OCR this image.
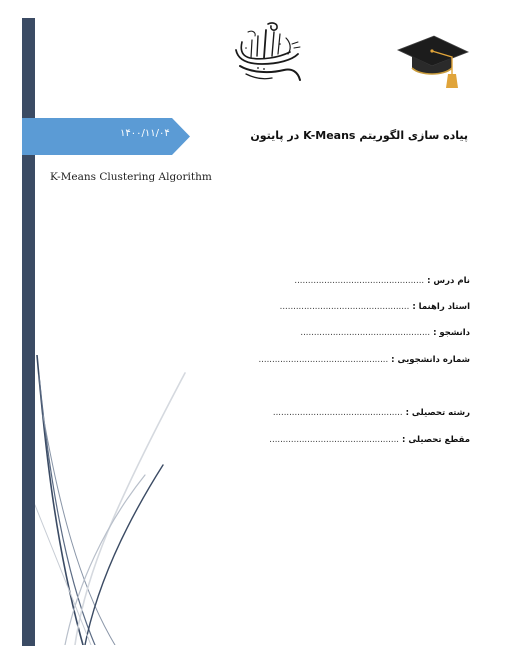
۱۴۰۰/۱۱/۰۴	پیاده سازی الگوریتم K-Means در پایتون
K-Means Clustering Algorithm
نام درس : ................................................
استاد راهنما : ................................................
دانشجو : ................................................
شماره دانشجویی : ................................................
رشته تحصیلی : ................................................
مقطع تحصیلی : ................................................
